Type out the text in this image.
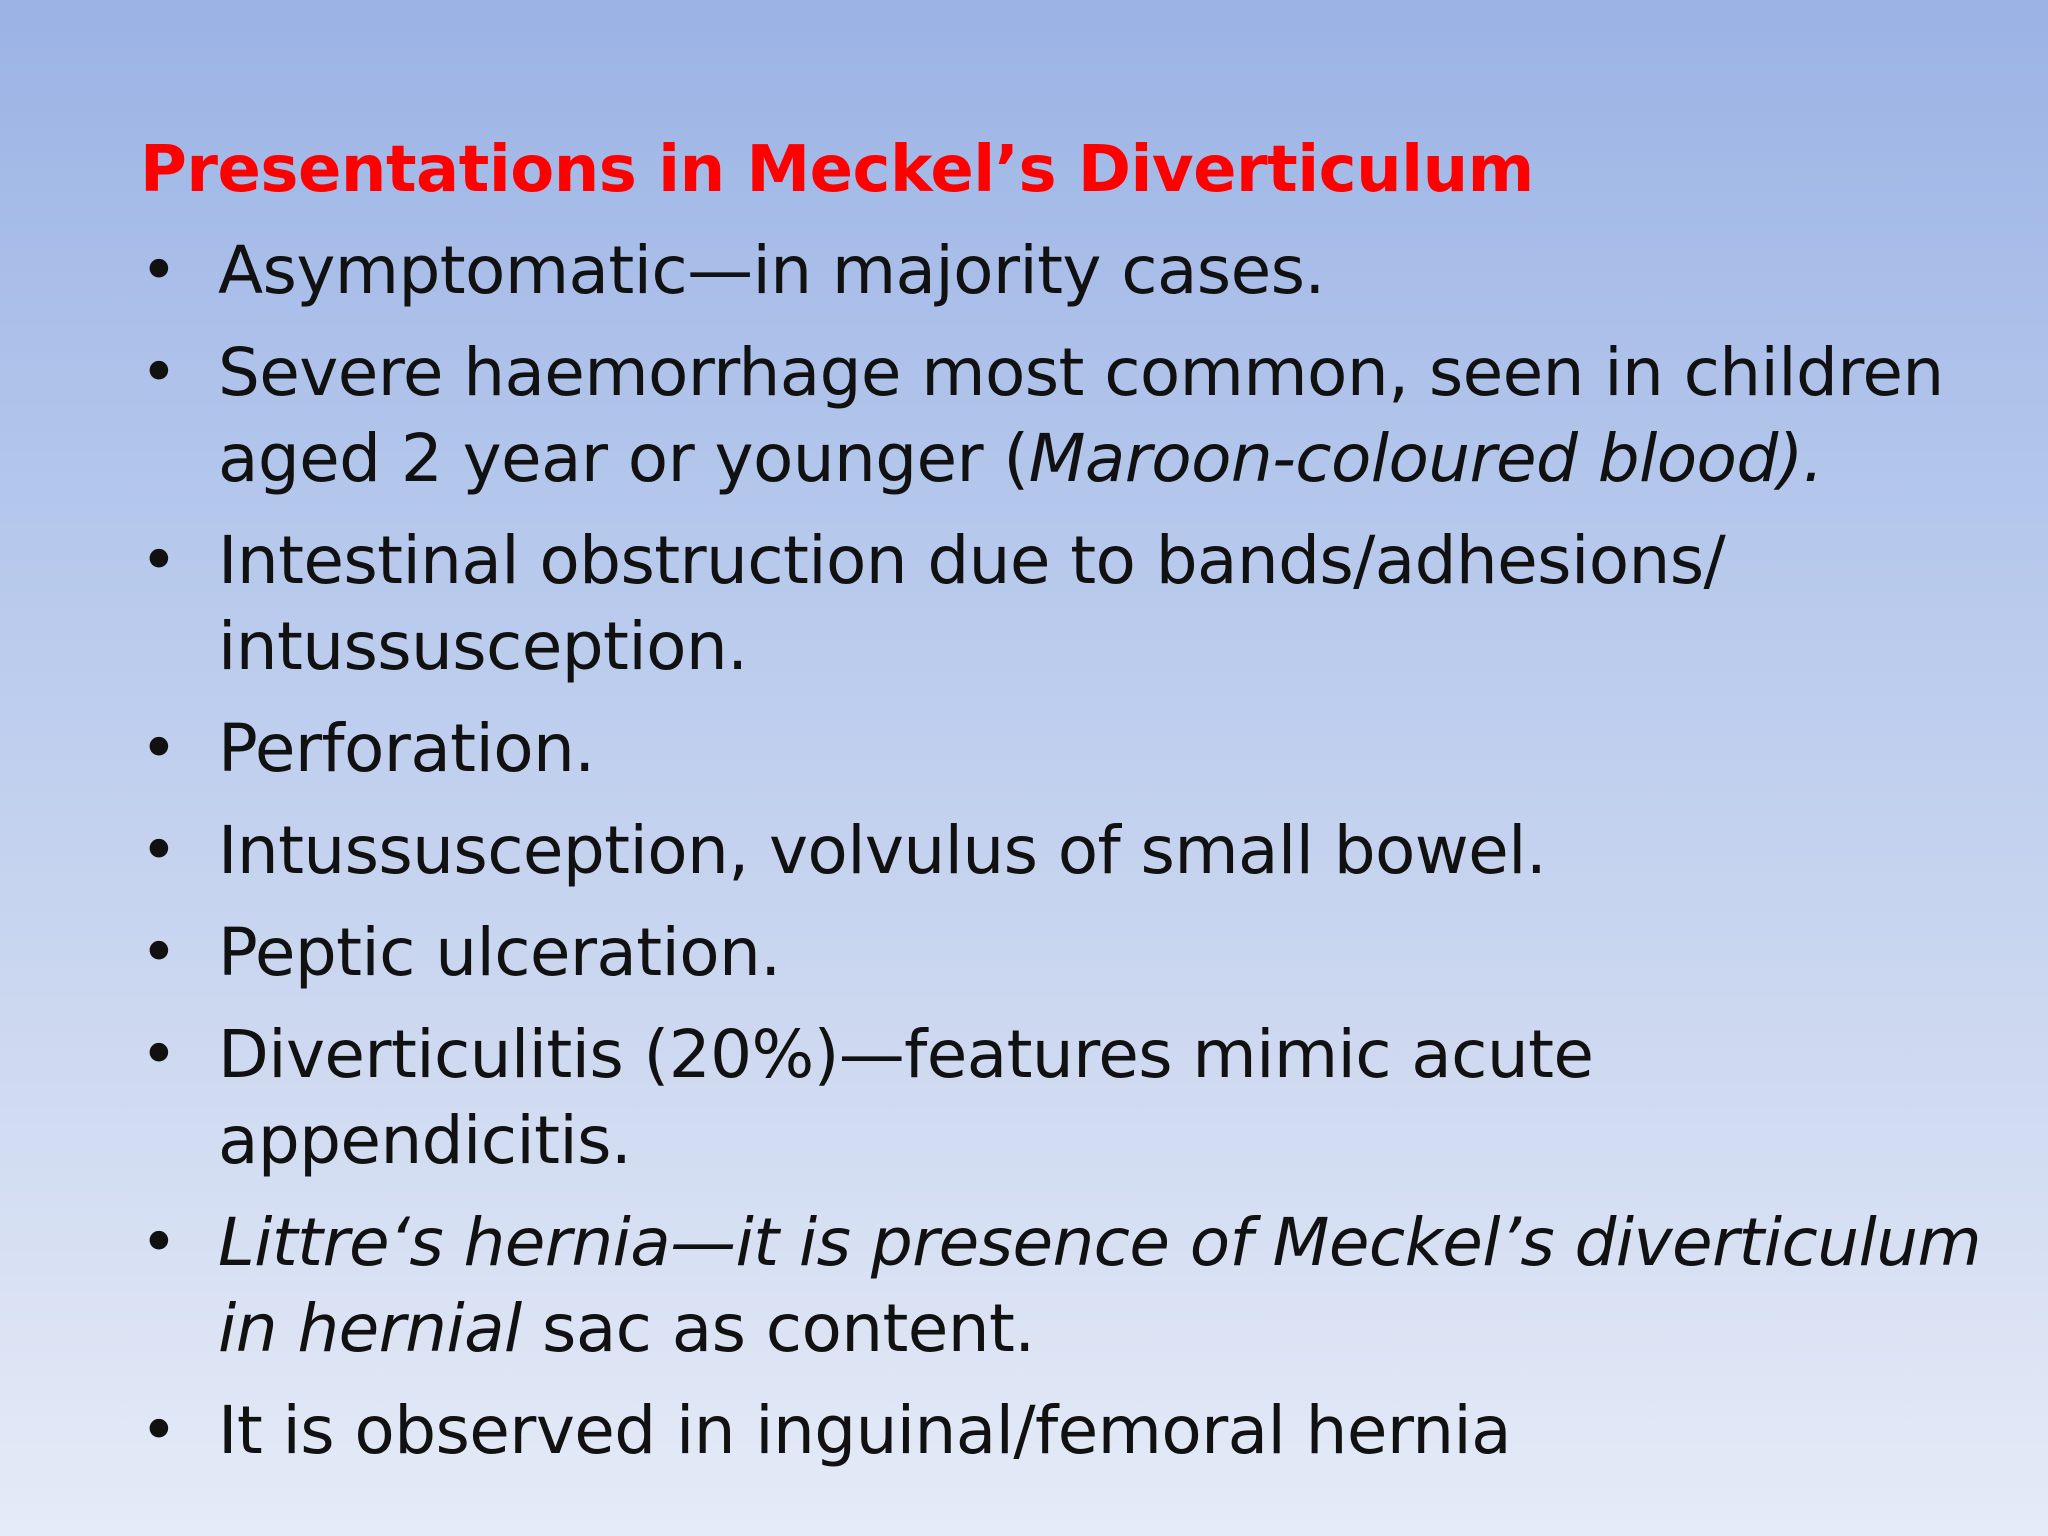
Presentations in Meckel’s Diverticulum
• Asymptomatic—in majority cases.
• Severe haemorrhage most common, seen in children aged 2 year or younger (Maroon-coloured blood).
• Intestinal obstruction due to bands/adhesions/ intussusception.
• Perforation.
• Intussusception, volvulus of small bowel.
• Peptic ulceration.
• Diverticulitis (20%)—features mimic acute appendicitis.
• Littre‘s hernia—it is presence of Meckel’s diverticulum in hernial sac as content.
• It is observed in inguinal/femoral hernia
